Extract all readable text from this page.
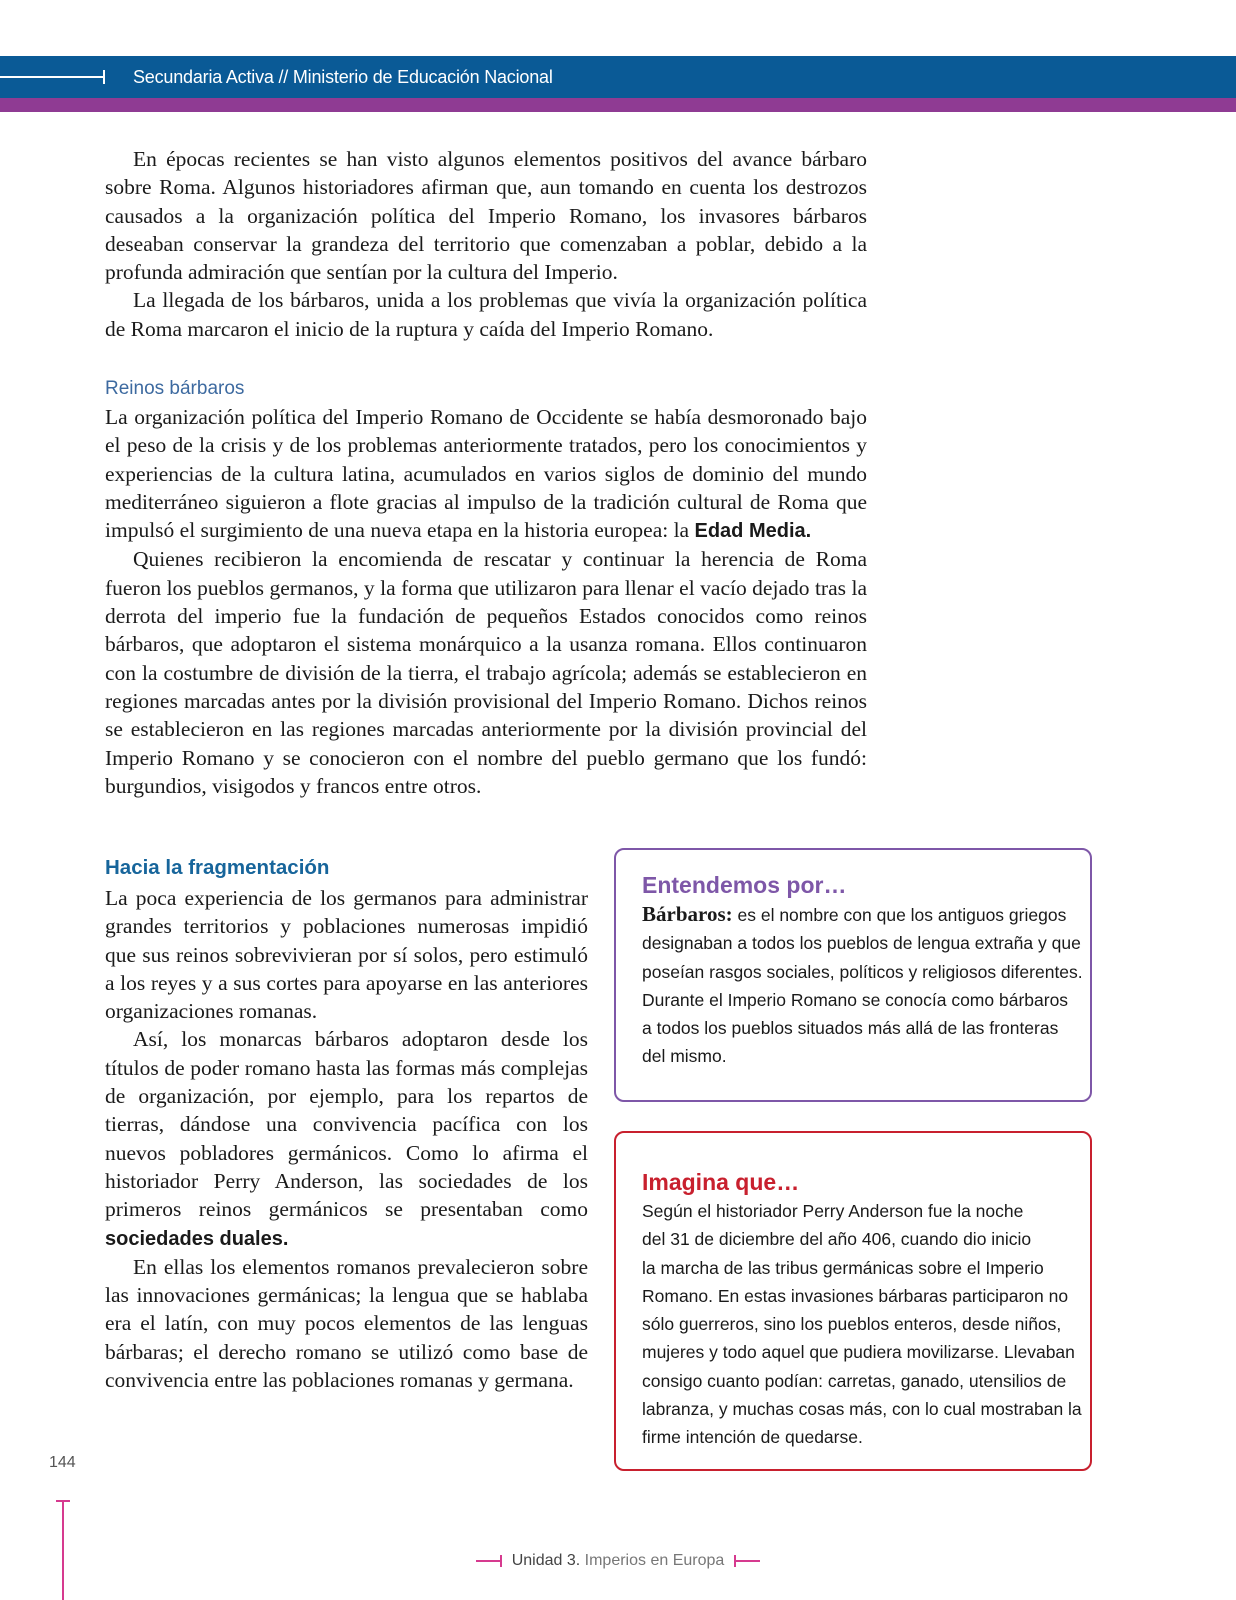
Secundaria Activa // Ministerio de Educación Nacional

En épocas recientes se han visto algunos elementos positivos del avance bárbaro sobre Roma. Algunos historiadores afirman que, aun tomando en cuenta los destrozos causados a la organización política del Imperio Romano, los invasores bárbaros deseaban conservar la grandeza del territorio que comenzaban a poblar, debido a la profunda admiración que sentían por la cultura del Imperio.

La llegada de los bárbaros, unida a los problemas que vivía la organización política de Roma marcaron el inicio de la ruptura y caída del Imperio Romano.

Reinos bárbaros

La organización política del Imperio Romano de Occidente se había desmoronado bajo el peso de la crisis y de los problemas anteriormente tratados, pero los conocimientos y experiencias de la cultura latina, acumulados en varios siglos de dominio del mundo mediterráneo siguieron a flote gracias al impulso de la tradición cultural de Roma que impulsó el surgimiento de una nueva etapa en la historia europea: la Edad Media.

Quienes recibieron la encomienda de rescatar y continuar la herencia de Roma fueron los pueblos germanos, y la forma que utilizaron para llenar el vacío dejado tras la derrota del imperio fue la fundación de pequeños Estados conocidos como reinos bárbaros, que adoptaron el sistema monárquico a la usanza romana. Ellos continuaron con la costumbre de división de la tierra, el trabajo agrícola; además se establecieron en regiones marcadas antes por la división provisional del Imperio Romano. Dichos reinos se establecieron en las regiones marcadas anteriormente por la división provincial del Imperio Romano y se conocieron con el nombre del pueblo germano que los fundó: burgundios, visigodos y francos entre otros.

Hacia la fragmentación

La poca experiencia de los germanos para administrar grandes territorios y poblaciones numerosas impidió que sus reinos sobrevivieran por sí solos, pero estimuló a los reyes y a sus cortes para apoyarse en las anteriores organizaciones romanas.

Así, los monarcas bárbaros adoptaron desde los títulos de poder romano hasta las formas más complejas de organización, por ejemplo, para los repartos de tierras, dándose una convivencia pacífica con los nuevos pobladores germánicos. Como lo afirma el historiador Perry Anderson, las sociedades de los primeros reinos germánicos se presentaban como sociedades duales.

En ellas los elementos romanos prevalecieron sobre las innovaciones germánicas; la lengua que se hablaba era el latín, con muy pocos elementos de las lenguas bárbaras; el derecho romano se utilizó como base de convivencia entre las poblaciones romanas y germana.

Entendemos por…
Bárbaros: es el nombre con que los antiguos griegos
designaban a todos los pueblos de lengua extraña y que
poseían rasgos sociales, políticos y religiosos diferentes.
Durante el Imperio Romano se conocía como bárbaros
a todos los pueblos situados más allá de las fronteras
del mismo.
Imagina que…
Según el historiador Perry Anderson fue la noche
del 31 de diciembre del año 406, cuando dio inicio
la marcha de las tribus germánicas sobre el Imperio
Romano. En estas invasiones bárbaras participaron no
sólo guerreros, sino los pueblos enteros, desde niños,
mujeres y todo aquel que pudiera movilizarse. Llevaban
consigo cuanto podían: carretas, ganado, utensilios de
labranza, y muchas cosas más, con lo cual mostraban la
firme intención de quedarse.
144
Unidad 3. Imperios en Europa
